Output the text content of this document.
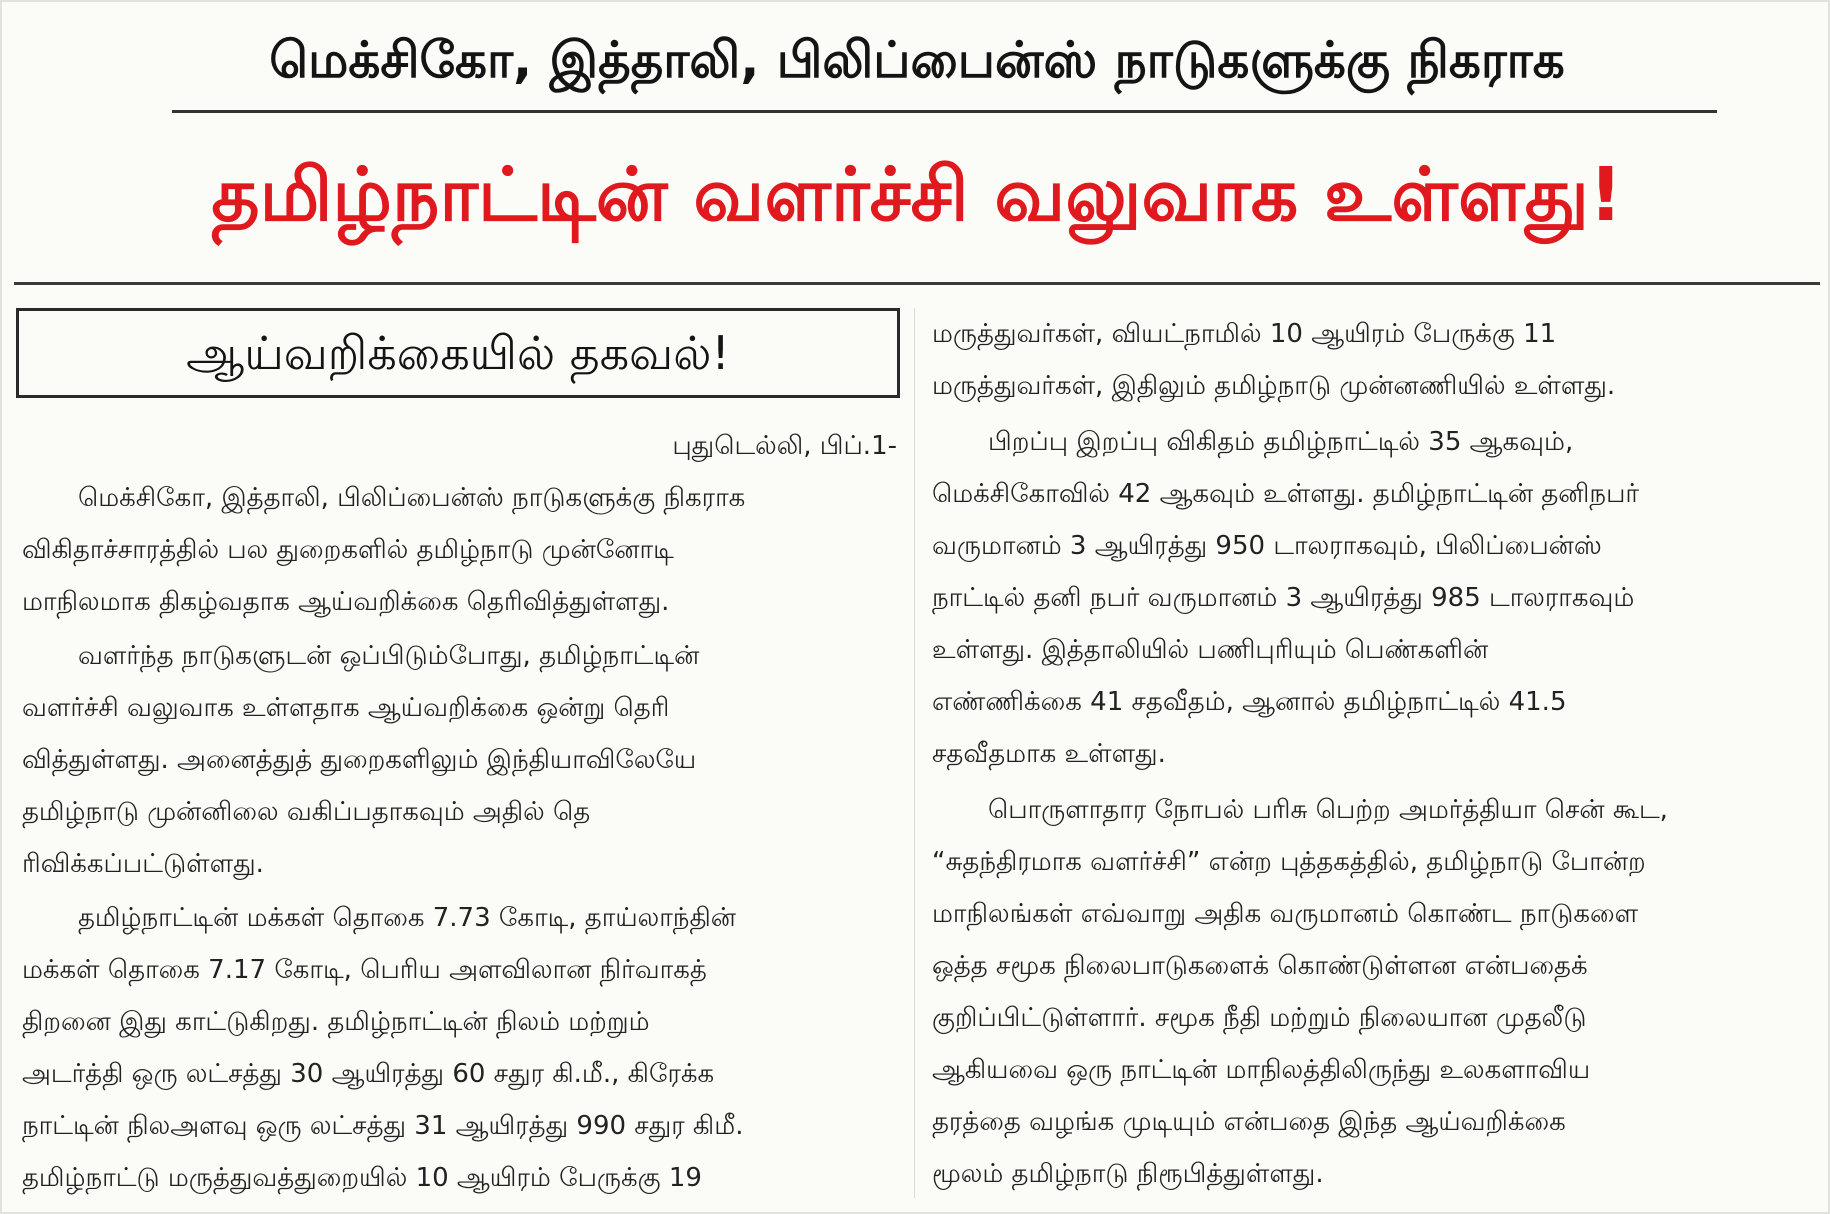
மெக்சிகோ, இத்தாலி, பிலிப்பைன்ஸ் நாடுகளுக்கு நிகராக
தமிழ்நாட்டின் வளர்ச்சி வலுவாக உள்ளது!
ஆய்வறிக்கையில் தகவல்!
புதுடெல்லி, பிப்.1-
மெக்சிகோ, இத்தாலி, பிலிப்பைன்ஸ் நாடுகளுக்கு நிகராக
விகிதாச்சாரத்தில் பல துறைகளில் தமிழ்நாடு முன்னோடி
மாநிலமாக திகழ்வதாக ஆய்வறிக்கை தெரிவித்துள்ளது.
வளர்ந்த நாடுகளுடன் ஒப்பிடும்போது, தமிழ்நாட்டின்
வளர்ச்சி வலுவாக உள்ளதாக ஆய்வறிக்கை ஒன்று தெரி
வித்துள்ளது. அனைத்துத் துறைகளிலும் இந்தியாவிலேயே
தமிழ்நாடு முன்னிலை வகிப்பதாகவும் அதில் தெ
ரிவிக்கப்பட்டுள்ளது.
தமிழ்நாட்டின் மக்கள் தொகை 7.73 கோடி, தாய்லாந்தின்
மக்கள் தொகை 7.17 கோடி, பெரிய அளவிலான நிர்வாகத்
திறனை இது காட்டுகிறது. தமிழ்நாட்டின் நிலம் மற்றும்
அடர்த்தி ஒரு லட்சத்து 30 ஆயிரத்து 60 சதுர கி.மீ., கிரேக்க
நாட்டின் நிலஅளவு ஒரு லட்சத்து 31 ஆயிரத்து 990 சதுர கிமீ.
தமிழ்நாட்டு மருத்துவத்துறையில் 10 ஆயிரம் பேருக்கு 19
மருத்துவர்கள், வியட்நாமில் 10 ஆயிரம் பேருக்கு 11
மருத்துவர்கள், இதிலும் தமிழ்நாடு முன்னணியில் உள்ளது.
பிறப்பு இறப்பு விகிதம் தமிழ்நாட்டில் 35 ஆகவும்,
மெக்சிகோவில் 42 ஆகவும் உள்ளது. தமிழ்நாட்டின் தனிநபர்
வருமானம் 3 ஆயிரத்து 950 டாலராகவும், பிலிப்பைன்ஸ்
நாட்டில் தனி நபர் வருமானம் 3 ஆயிரத்து 985 டாலராகவும்
உள்ளது. இத்தாலியில் பணிபுரியும் பெண்களின்
எண்ணிக்கை 41 சதவீதம், ஆனால் தமிழ்நாட்டில் 41.5
சதவீதமாக உள்ளது.
பொருளாதார நோபல் பரிசு பெற்ற அமர்த்தியா சென் கூட,
“சுதந்திரமாக வளர்ச்சி” என்ற புத்தகத்தில், தமிழ்நாடு போன்ற
மாநிலங்கள் எவ்வாறு அதிக வருமானம் கொண்ட நாடுகளை
ஒத்த சமூக நிலைபாடுகளைக் கொண்டுள்ளன என்பதைக்
குறிப்பிட்டுள்ளார். சமூக நீதி மற்றும் நிலையான முதலீடு
ஆகியவை ஒரு நாட்டின் மாநிலத்திலிருந்து உலகளாவிய
தரத்தை வழங்க முடியும் என்பதை இந்த ஆய்வறிக்கை
மூலம் தமிழ்நாடு நிரூபித்துள்ளது.
